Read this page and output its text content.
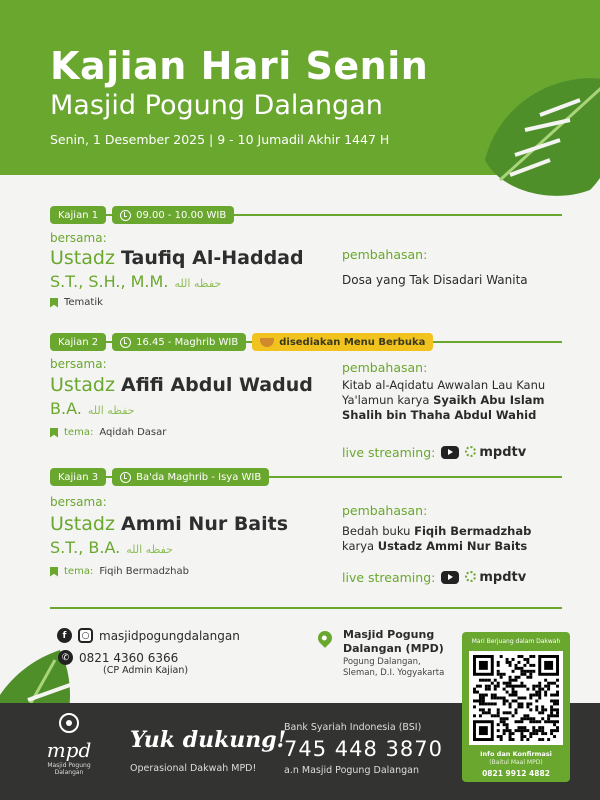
Kajian Hari Senin
Masjid Pogung Dalangan
Senin, 1 Desember 2025 | 9 - 10 Jumadil Akhir 1447 H
Kajian 1	09.00 - 10.00 WIB
bersama:
Ustadz Taufiq Al-Haddad S.T., S.H., M.M. حفظه الله
Tematik
pembahasan:
Dosa yang Tak Disadari Wanita
Kajian 2	16.45 - Maghrib WIB	disediakan Menu Berbuka
bersama:
Ustadz Afifi Abdul Wadud B.A. حفظه الله
tema: Aqidah Dasar
pembahasan:
Kitab al-Aqidatu Awwalan Lau Kanu Ya'lamun karya Syaikh Abu Islam Shalih bin Thaha Abdul Wahid
live streaming:	mpdtv
Kajian 3	Ba'da Maghrib - Isya WIB
bersama:
Ustadz Ammi Nur Baits S.T., B.A. حفظه الله
tema: Fiqih Bermadzhab
pembahasan:
Bedah buku Fiqih Bermadzhab karya Ustadz Ammi Nur Baits
live streaming:	mpdtv
f	○ masjidpogungdalangan
✆ 0821 4360 6366
(CP Admin Kajian)
Masjid Pogung Dalangan (MPD)
Pogung Dalangan, Sleman, D.I. Yogyakarta
mpd
Masjid Pogung Dalangan
Yuk dukung!
Operasional Dakwah MPD!
Bank Syariah Indonesia (BSI)
745 448 3870
a.n Masjid Pogung Dalangan
Mari Berjuang dalam Dakwah
Info dan Konfirmasi
(Baitul Maal MPD)
0821 9912 4882
